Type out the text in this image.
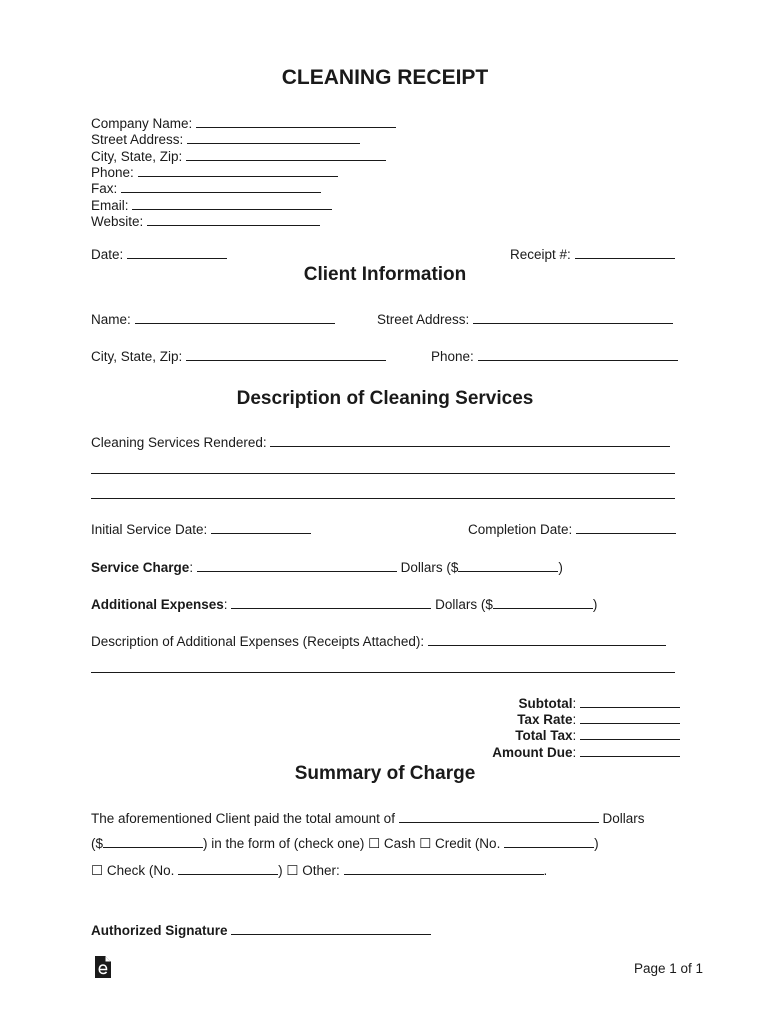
CLEANING RECEIPT
Company Name:
Street Address:
City, State, Zip:
Phone:
Fax:
Email:
Website:
Date:	Receipt #:
Client Information
Name:	Street Address:
City, State, Zip:	Phone:
Description of Cleaning Services
Cleaning Services Rendered:
Initial Service Date:	Completion Date:
Service Charge:	Dollars ($	)
Additional Expenses:	Dollars ($	)
Description of Additional Expenses (Receipts Attached):
Subtotal:
Tax Rate:
Total Tax:
Amount Due:
Summary of Charge
The aforementioned Client paid the total amount of	Dollars
($	) in the form of (check one) ☐ Cash ☐ Credit (No.	)
☐ Check (No.	) ☐ Other:	.
Authorized Signature
Page 1 of 1
